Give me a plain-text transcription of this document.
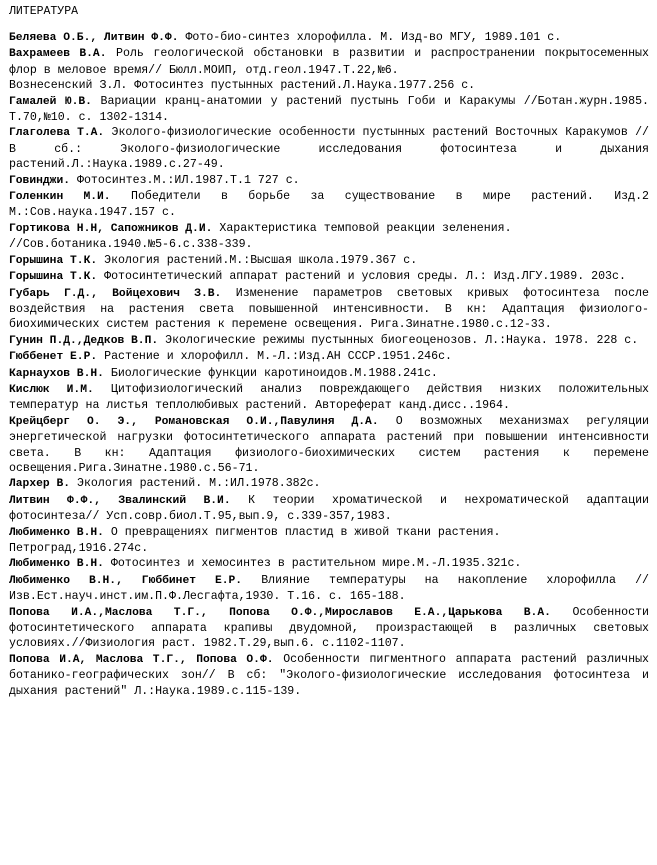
ЛИТЕРАТУРА
Беляева О.Б., Литвин Ф.Ф. Фото-био-синтез хлорофилла. М. Изд-во МГУ, 1989.101 с.
Вахрамеев В.А. Роль геологической обстановки в развитии и распространении покрытосеменных флор в меловое время// Бюлл.МОИП, отд.геол.1947.Т.22,№6.
Вознесенский З.Л. Фотосинтез пустынных растений.Л.Наука.1977.256 с.
Гамалей Ю.В. Вариации кранц-анатомии у растений пустынь Гоби и Каракумы //Ботан.журн.1985. Т.70,№10. с. 1302-1314.
Глаголева Т.А. Эколого-физиологические особенности пустынных растений Восточных Каракумов // В сб.: Эколого-физиологические исследования фотосинтеза и дыхания растений.Л.:Наука.1989.с.27-49.
Говинджи. Фотосинтез.М.:ИЛ.1987.Т.1 727 с.
Голенкин М.И. Победители в борьбе за существование в мире растений. Изд.2 М.:Сов.наука.1947.157 с.
Гортикова Н.Н, Сапожников Д.И. Характеристика темповой реакции зеленения.
//Сов.ботаника.1940.№5-6.с.338-339.
Горышина Т.К. Экология растений.М.:Высшая школа.1979.367 с.
Горышина Т.К. Фотосинтетический аппарат растений и условия среды. Л.: Изд.ЛГУ.1989. 203с.
Губарь Г.Д., Войцехович З.В. Изменение параметров световых кривых фотосинтеза после воздействия на растения света повышенной интенсивности. В кн: Адаптация физиолого-биохимических систем растения к перемене освещения. Рига.Зинатне.1980.с.12-33.
Гунин П.Д.,Дедков В.П. Экологические режимы пустынных биогеоценозов. Л.:Наука. 1978. 228 с.
Гюббенет Е.Р. Растение и хлорофилл. М.-Л.:Изд.АН СССР.1951.246с.
Карнаухов В.Н. Биологические функции каротиноидов.М.1988.241с.
Кислюк И.М. Цитофизиологический анализ повреждающего действия низких положительных температур на листья теплолюбивых растений. Автореферат канд.дисс..1964.
Крейцберг О. Э., Романовская О.И.,Павулиня Д.А. О возможных механизмах регуляции энергетической нагрузки фотосинтетического аппарата растений при повышении интенсивности света. В кн: Адаптация физиолого-биохимических систем растения к перемене освещения.Рига.Зинатне.1980.с.56-71.
Лархер В. Экология растений. М.:ИЛ.1978.382с.
Литвин Ф.Ф., Звалинский В.И. К теории хроматической и нехроматической адаптации фотосинтеза// Усп.совр.биол.Т.95,вып.9, с.339-357,1983.
Любименко В.Н. О превращениях пигментов пластид в живой ткани растения.
Петроград,1916.274с.
Любименко В.Н. Фотосинтез и хемосинтез в растительном мире.М.-Л.1935.321с.
Любименко В.Н., Гюббинет Е.Р. Влияние температуры на накопление хлорофилла //Изв.Ест.науч.инст.им.П.Ф.Лесгафта,1930. Т.16. с. 165-188.
Попова И.А.,Маслова Т.Г., Попова О.Ф.,Мирославов Е.А.,Царькова В.А. Особенности фотосинтетического аппарата крапивы двудомной, произрастающей в различных световых условиях.//Физиология раст. 1982.Т.29,вып.6. с.1102-1107.
Попова И.А, Маслова Т.Г., Попова О.Ф. Особенности пигментного аппарата растений различных ботанико-географических зон// В сб: "Эколого-физиологические исследования фотосинтеза и дыхания растений" Л.:Наука.1989.с.115-139.
